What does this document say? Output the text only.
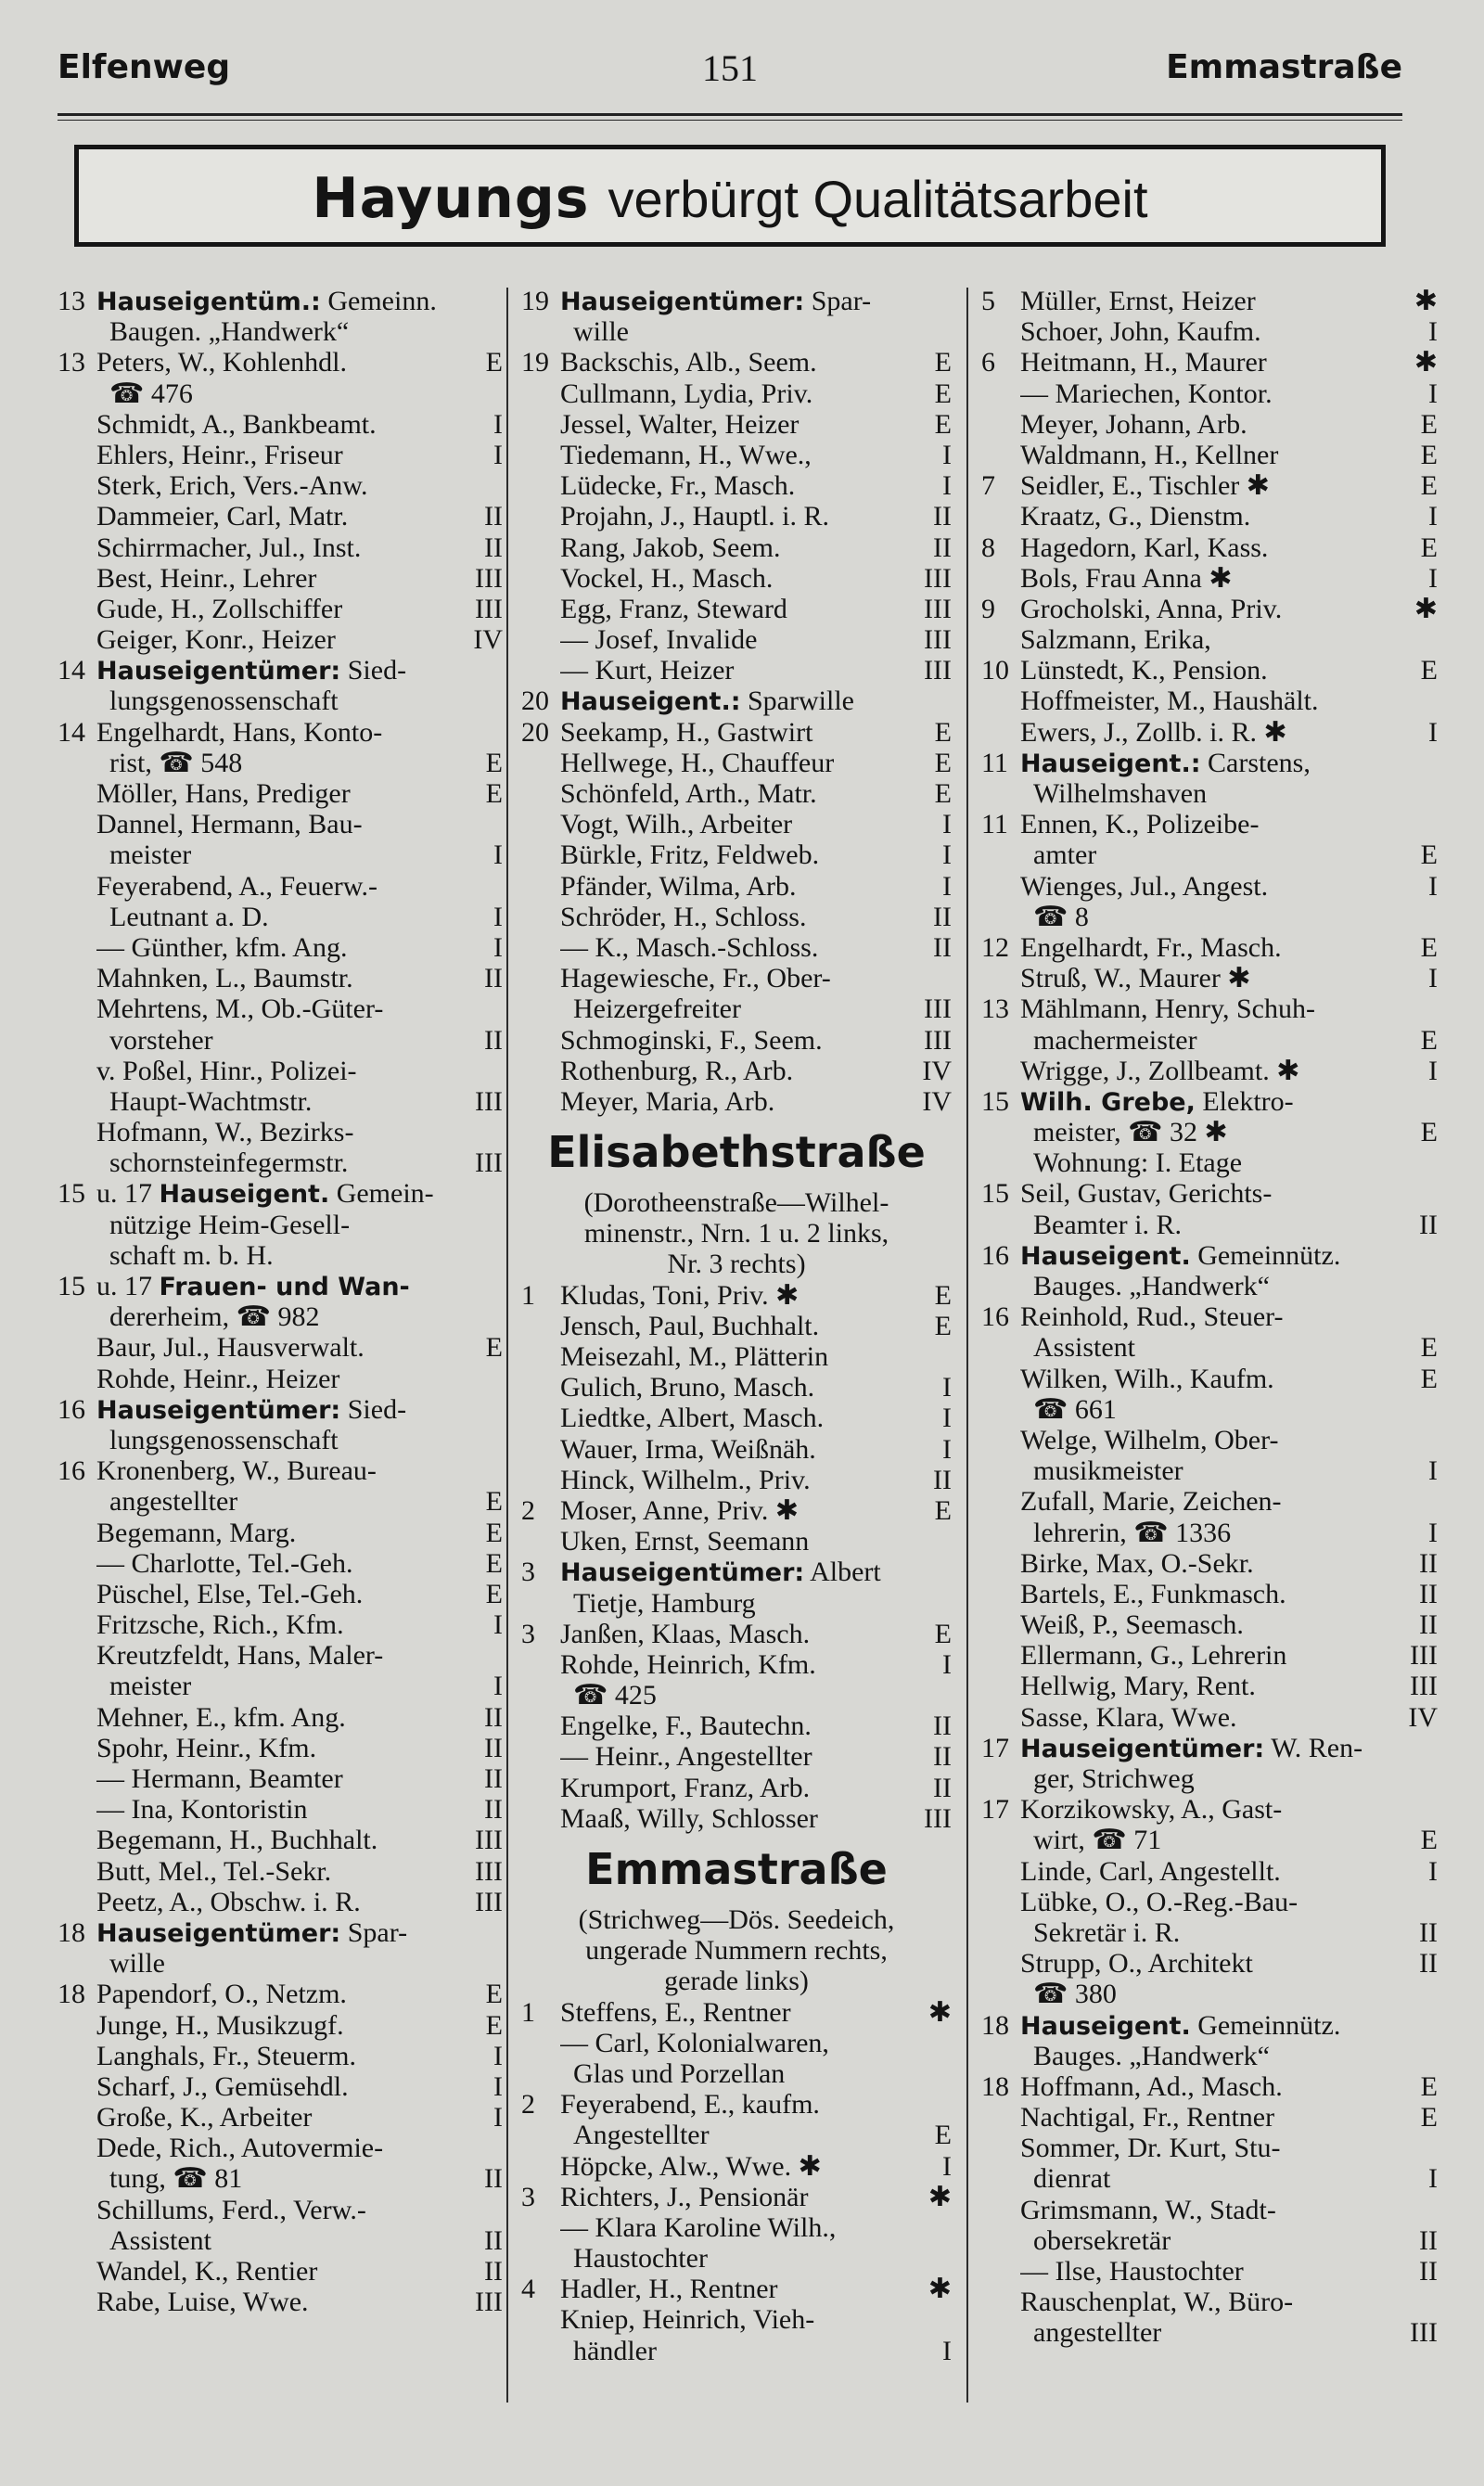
Elfenweg	151	Emmastraße
Hayungs verbürgt Qualitätsarbeit
13 Hauseigentüm.: Gemeinn.
Baugen. „Handwerk“
13 Peters, W., Kohlenhdl.	E
☎ 476
Schmidt, A., Bankbeamt.	I
Ehlers, Heinr., Friseur	I
Sterk, Erich, Vers.-Anw.
Dammeier, Carl, Matr.	II
Schirrmacher, Jul., Inst.	II
Best, Heinr., Lehrer	III
Gude, H., Zollschiffer	III
Geiger, Konr., Heizer	IV
14 Hauseigentümer: Sied-
lungsgenossenschaft
14 Engelhardt, Hans, Konto-
rist, ☎ 548	E
Möller, Hans, Prediger	E
Dannel, Hermann, Bau-
meister	I
Feyerabend, A., Feuerw.-
Leutnant a. D.	I
— Günther, kfm. Ang.	I
Mahnken, L., Baumstr.	II
Mehrtens, M., Ob.-Güter-
vorsteher	II
v. Poßel, Hinr., Polizei-
Haupt-Wachtmstr.	III
Hofmann, W., Bezirks-
schornsteinfegermstr.	III
15 u. 17 Hauseigent. Gemein-
nützige Heim-Gesell-
schaft m. b. H.
15 u. 17 Frauen- und Wan-
dererheim, ☎ 982
Baur, Jul., Hausverwalt.	E
Rohde, Heinr., Heizer
16 Hauseigentümer: Sied-
lungsgenossenschaft
16 Kronenberg, W., Bureau-
angestellter	E
Begemann, Marg.	E
— Charlotte, Tel.-Geh.	E
Püschel, Else, Tel.-Geh.	E
Fritzsche, Rich., Kfm.	I
Kreutzfeldt, Hans, Maler-
meister	I
Mehner, E., kfm. Ang.	II
Spohr, Heinr., Kfm.	II
— Hermann, Beamter	II
— Ina, Kontoristin	II
Begemann, H., Buchhalt.	III
Butt, Mel., Tel.-Sekr.	III
Peetz, A., Obschw. i. R.	III
18 Hauseigentümer: Spar-
wille
18 Papendorf, O., Netzm.	E
Junge, H., Musikzugf.	E
Langhals, Fr., Steuerm.	I
Scharf, J., Gemüsehdl.	I
Große, K., Arbeiter	I
Dede, Rich., Autovermie-
tung, ☎ 81	II
Schillums, Ferd., Verw.-
Assistent	II
Wandel, K., Rentier	II
Rabe, Luise, Wwe.	III
19 Hauseigentümer: Spar-
wille
19 Backschis, Alb., Seem.	E
Cullmann, Lydia, Priv.	E
Jessel, Walter, Heizer	E
Tiedemann, H., Wwe.,	I
Lüdecke, Fr., Masch.	I
Projahn, J., Hauptl. i. R.	II
Rang, Jakob, Seem.	II
Vockel, H., Masch.	III
Egg, Franz, Steward	III
— Josef, Invalide	III
— Kurt, Heizer	III
20 Hauseigent.: Sparwille
20 Seekamp, H., Gastwirt	E
Hellwege, H., Chauffeur	E
Schönfeld, Arth., Matr.	E
Vogt, Wilh., Arbeiter	I
Bürkle, Fritz, Feldweb.	I
Pfänder, Wilma, Arb.	I
Schröder, H., Schloss.	II
— K., Masch.-Schloss.	II
Hagewiesche, Fr., Ober-
Heizergefreiter	III
Schmoginski, F., Seem.	III
Rothenburg, R., Arb.	IV
Meyer, Maria, Arb.	IV
Elisabethstraße
(Dorotheenstraße—Wilhel-
minenstr., Nrn. 1 u. 2 links,
Nr. 3 rechts)
1 Kludas, Toni, Priv. ✱	E
Jensch, Paul, Buchhalt.	E
Meisezahl, M., Plätterin
Gulich, Bruno, Masch.	I
Liedtke, Albert, Masch.	I
Wauer, Irma, Weißnäh.	I
Hinck, Wilhelm., Priv.	II
2 Moser, Anne, Priv. ✱	E
Uken, Ernst, Seemann
3 Hauseigentümer: Albert
Tietje, Hamburg
3 Janßen, Klaas, Masch.	E
Rohde, Heinrich, Kfm.	I
☎ 425
Engelke, F., Bautechn.	II
— Heinr., Angestellter	II
Krumport, Franz, Arb.	II
Maaß, Willy, Schlosser	III
Emmastraße
(Strichweg—Dös. Seedeich,
ungerade Nummern rechts,
gerade links)
1 Steffens, E., Rentner	✱
— Carl, Kolonialwaren,
Glas und Porzellan
2 Feyerabend, E., kaufm.
Angestellter	E
Höpcke, Alw., Wwe. ✱	I
3 Richters, J., Pensionär	✱
— Klara Karoline Wilh.,
Haustochter
4 Hadler, H., Rentner	✱
Kniep, Heinrich, Vieh-
händler	I
5 Müller, Ernst, Heizer	✱
Schoer, John, Kaufm.	I
6 Heitmann, H., Maurer	✱
— Mariechen, Kontor.	I
Meyer, Johann, Arb.	E
Waldmann, H., Kellner	E
7 Seidler, E., Tischler ✱	E
Kraatz, G., Dienstm.	I
8 Hagedorn, Karl, Kass.	E
Bols, Frau Anna ✱	I
9 Grocholski, Anna, Priv.	✱
Salzmann, Erika,
10 Lünstedt, K., Pension.	E
Hoffmeister, M., Haushält.
Ewers, J., Zollb. i. R. ✱	I
11 Hauseigent.: Carstens,
Wilhelmshaven
11 Ennen, K., Polizeibe-
amter	E
Wienges, Jul., Angest.	I
☎ 8
12 Engelhardt, Fr., Masch.	E
Struß, W., Maurer ✱	I
13 Mählmann, Henry, Schuh-
machermeister	E
Wrigge, J., Zollbeamt. ✱	I
15 Wilh. Grebe, Elektro-
meister, ☎ 32 ✱	E
Wohnung: I. Etage
15 Seil, Gustav, Gerichts-
Beamter i. R.	II
16 Hauseigent. Gemeinnütz.
Bauges. „Handwerk“
16 Reinhold, Rud., Steuer-
Assistent	E
Wilken, Wilh., Kaufm.	E
☎ 661
Welge, Wilhelm, Ober-
musikmeister	I
Zufall, Marie, Zeichen-
lehrerin, ☎ 1336	I
Birke, Max, O.-Sekr.	II
Bartels, E., Funkmasch.	II
Weiß, P., Seemasch.	II
Ellermann, G., Lehrerin	III
Hellwig, Mary, Rent.	III
Sasse, Klara, Wwe.	IV
17 Hauseigentümer: W. Ren-
ger, Strichweg
17 Korzikowsky, A., Gast-
wirt, ☎ 71	E
Linde, Carl, Angestellt.	I
Lübke, O., O.-Reg.-Bau-
Sekretär i. R.	II
Strupp, O., Architekt	II
☎ 380
18 Hauseigent. Gemeinnütz.
Bauges. „Handwerk“
18 Hoffmann, Ad., Masch.	E
Nachtigal, Fr., Rentner	E
Sommer, Dr. Kurt, Stu-
dienrat	I
Grimsmann, W., Stadt-
obersekretär	II
— Ilse, Haustochter	II
Rauschenplat, W., Büro-
angestellter	III
